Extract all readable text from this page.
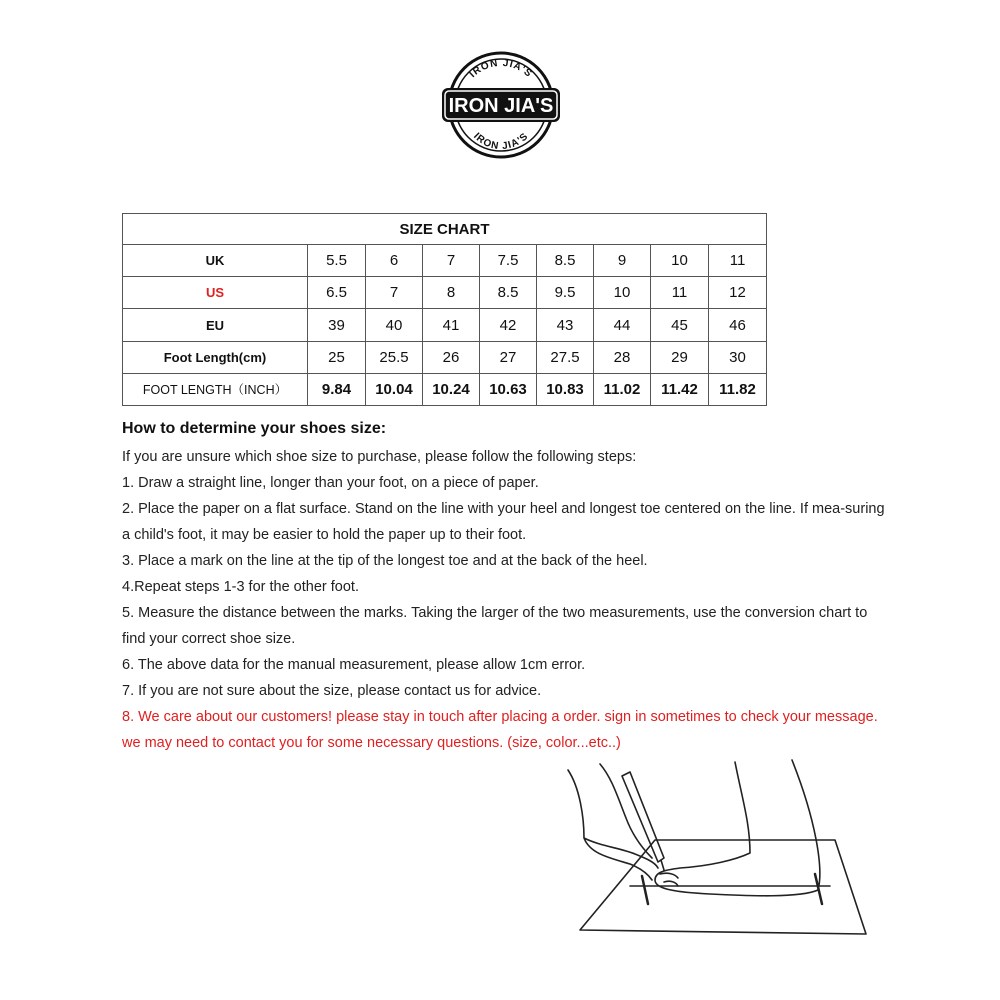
IRON JIA'S
IRON JIA'S
IRON JIA'S
SIZE CHART								
UK	5.5	6	7	7.5	8.5	9	10	11
US	6.5	7	8	8.5	9.5	10	11	12
EU	39	40	41	42	43	44	45	46
Foot Length(cm)	25	25.5	26	27	27.5	28	29	30
FOOT LENGTH（INCH）	9.84	10.04	10.24	10.63	10.83	11.02	11.42	11.82
How to determine your shoes size:

If you are unsure which shoe size to purchase, please follow the following steps:

1. Draw a straight line, longer than your foot, on a piece of paper.

2. Place the paper on a flat surface. Stand on the line with your heel and longest toe centered on the line. If mea-suring a child's foot, it may be easier to hold the paper up to their foot.

3. Place a mark on the line at the tip of the longest toe and at the back of the heel.

4.Repeat steps 1-3 for the other foot.

5. Measure the distance between the marks. Taking the larger of the two measurements, use the conversion chart to find your correct shoe size.

6. The above data for the manual measurement, please allow 1cm error.

7. If you are not sure about the size, please contact us for advice.

8. We care about our customers! please stay in touch after placing a order. sign in sometimes to check your message. we may need to contact you for some necessary questions. (size, color...etc..)
